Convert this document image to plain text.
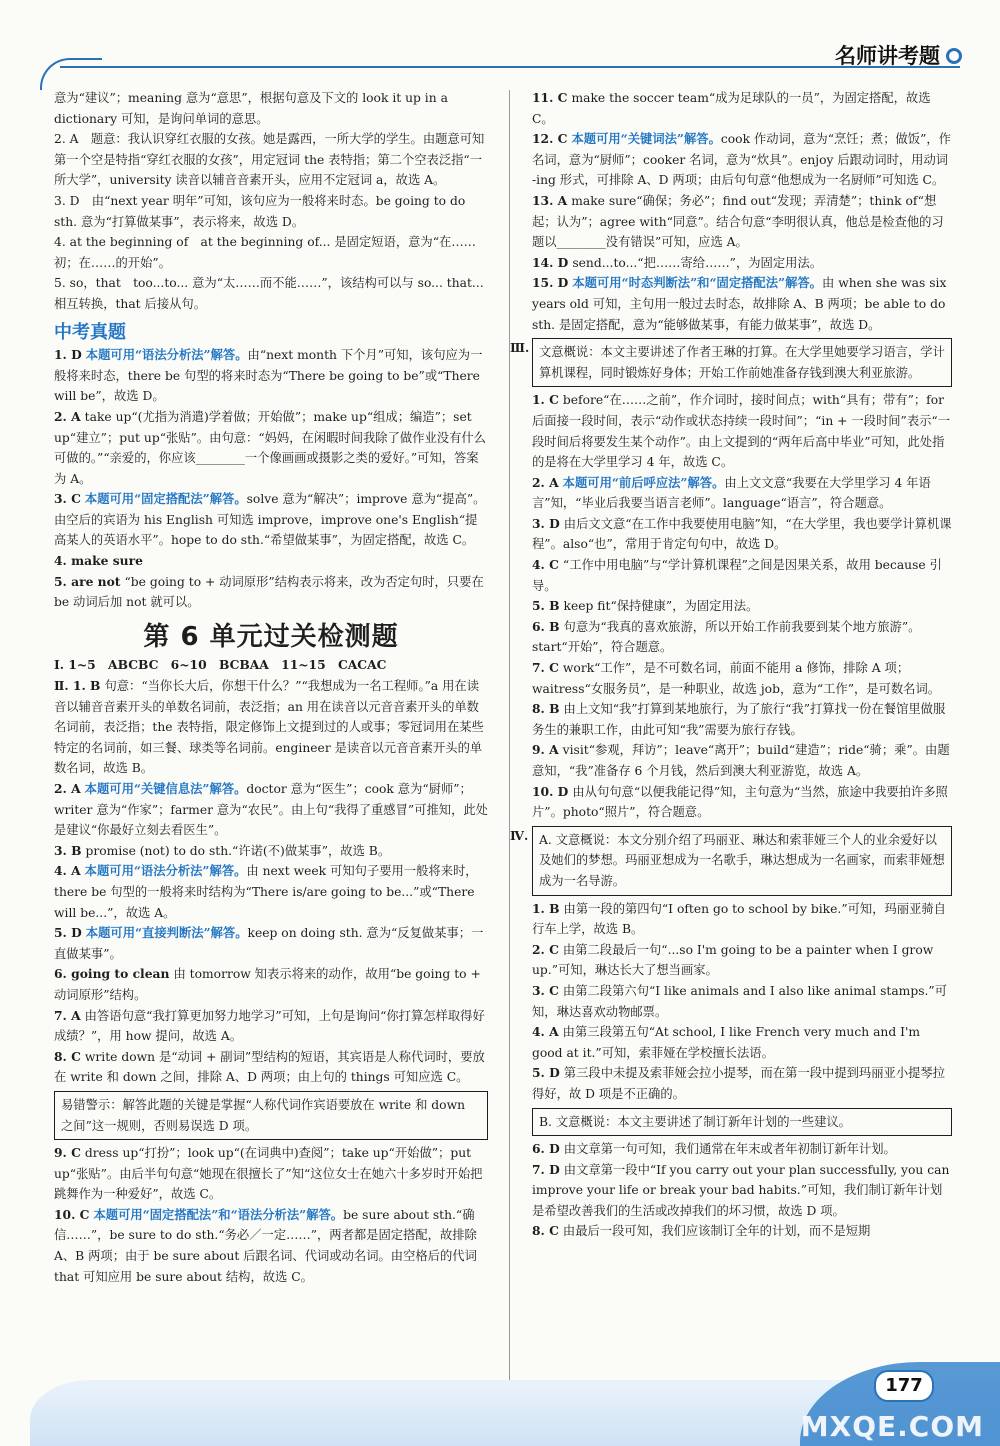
名师讲考题

意为“建议”；meaning 意为“意思”，根据句意及下文的 look it up in a dictionary 可知，是询问单词的意思。

2. A　题意：我认识穿红衣服的女孩。她是露西，一所大学的学生。由题意可知第一个空是特指“穿红衣服的女孩”，用定冠词 the 表特指；第二个空表泛指“一所大学”，university 读音以辅音音素开头，应用不定冠词 a，故选 A。

3. D　由“next year 明年”可知，该句应为一般将来时态。be going to do sth. 意为“打算做某事”，表示将来，故选 D。

4. at the beginning of　at the beginning of... 是固定短语，意为“在……初；在……的开始”。

5. so，that　too...to... 意为“太……而不能……”，该结构可以与 so... that... 相互转换，that 后接从句。

中考真题

1. D 本题可用“语法分析法”解答。由“next month 下个月”可知，该句应为一般将来时态，there be 句型的将来时态为“There be going to be”或“There will be”，故选 D。

2. A take up“(尤指为消遣)学着做；开始做”；make up“组成；编造”；set up“建立”；put up“张贴”。由句意：“妈妈，在闲暇时间我除了做作业没有什么可做的。”“亲爱的，你应该________一个像画画或摄影之类的爱好。”可知，答案为 A。

3. C 本题可用“固定搭配法”解答。solve 意为“解决”；improve 意为“提高”。由空后的宾语为 his English 可知选 improve，improve one's English“提高某人的英语水平”。hope to do sth.“希望做某事”，为固定搭配，故选 C。

4. make sure

5. are not “be going to + 动词原形”结构表示将来，改为否定句时，只要在 be 动词后加 not 就可以。

第 6 单元过关检测题

Ⅰ. 1~5　ABCBC　6~10　BCBAA　11~15　CACAC

Ⅱ. 1. B 句意：“当你长大后，你想干什么？”“我想成为一名工程师。”a 用在读音以辅音音素开头的单数名词前，表泛指；an 用在读音以元音音素开头的单数名词前，表泛指；the 表特指，限定修饰上文提到过的人或事；零冠词用在某些特定的名词前，如三餐、球类等名词前。engineer 是读音以元音音素开头的单数名词，故选 B。

2. A 本题可用“关键信息法”解答。doctor 意为“医生”；cook 意为“厨师”；writer 意为“作家”；farmer 意为“农民”。由上句“我得了重感冒”可推知，此处是建议“你最好立刻去看医生”。

3. B promise (not) to do sth.“许诺(不)做某事”，故选 B。

4. A 本题可用“语法分析法”解答。由 next week 可知句子要用一般将来时，there be 句型的一般将来时结构为“There is/are going to be...”或“There will be...”，故选 A。

5. D 本题可用“直接判断法”解答。keep on doing sth. 意为“反复做某事；一直做某事”。

6. going to clean 由 tomorrow 知表示将来的动作，故用“be going to + 动词原形”结构。

7. A 由答语句意“我打算更加努力地学习”可知，上句是询问“你打算怎样取得好成绩？”，用 how 提问，故选 A。

8. C write down 是“动词 + 副词”型结构的短语，其宾语是人称代词时，要放在 write 和 down 之间，排除 A、D 两项；由上句的 things 可知应选 C。

易错警示：解答此题的关键是掌握“人称代词作宾语要放在 write 和 down 之间”这一规则，否则易误选 D 项。

9. C dress up“打扮”；look up“(在词典中)查阅”；take up“开始做”；put up“张贴”。由后半句句意“她现在很擅长了”知“这位女士在她六十多岁时开始把跳舞作为一种爱好”，故选 C。

10. C 本题可用“固定搭配法”和“语法分析法”解答。be sure about sth.“确信……”，be sure to do sth.“务必／一定……”，两者都是固定搭配，故排除 A、B 两项；由于 be sure about 后跟名词、代词或动名词。由空格后的代词 that 可知应用 be sure about 结构，故选 C。

11. C make the soccer team“成为足球队的一员”，为固定搭配，故选 C。

12. C 本题可用“关键词法”解答。cook 作动词，意为“烹饪；煮；做饭”，作名词，意为“厨师”；cooker 名词，意为“炊具”。enjoy 后跟动词时，用动词 -ing 形式，可排除 A、D 两项；由后句句意“他想成为一名厨师”可知选 C。

13. A make sure“确保；务必”；find out“发现；弄清楚”；think of“想起；认为”；agree with“同意”。结合句意“李明很认真，他总是检查他的习题以________没有错误”可知，应选 A。

14. D send...to...“把……寄给……”，为固定用法。

15. D 本题可用“时态判断法”和“固定搭配法”解答。由 when she was six years old 可知，主句用一般过去时态，故排除 A、B 两项；be able to do sth. 是固定搭配，意为“能够做某事，有能力做某事”，故选 D。

Ⅲ. 文意概说：本文主要讲述了作者王琳的打算。在大学里她要学习语言，学计算机课程，同时锻炼好身体；开始工作前她准备存钱到澳大利亚旅游。

1. C before“在……之前”，作介词时，接时间点；with“具有；带有”；for 后面接一段时间，表示“动作或状态持续一段时间”；“in + 一段时间”表示“一段时间后将要发生某个动作”。由上文提到的“两年后高中毕业”可知，此处指的是将在大学里学习 4 年，故选 C。

2. A 本题可用“前后呼应法”解答。由上文文意“我要在大学里学习 4 年语言”知，“毕业后我要当语言老师”。language“语言”，符合题意。

3. D 由后文文意“在工作中我要使用电脑”知，“在大学里，我也要学计算机课程”。also“也”，常用于肯定句句中，故选 D。

4. C “工作中用电脑”与“学计算机课程”之间是因果关系，故用 because 引导。

5. B keep fit“保持健康”，为固定用法。

6. B 句意为“我真的喜欢旅游，所以开始工作前我要到某个地方旅游”。start“开始”，符合题意。

7. C work“工作”，是不可数名词，前面不能用 a 修饰，排除 A 项；waitress“女服务员”，是一种职业，故选 job，意为“工作”，是可数名词。

8. B 由上文知“我”打算到某地旅行，为了旅行“我”打算找一份在餐馆里做服务生的兼职工作，由此可知“我”需要为旅行存钱。

9. A visit“参观，拜访”；leave“离开”；build“建造”；ride“骑；乘”。由题意知，“我”准备存 6 个月钱，然后到澳大利亚游览，故选 A。

10. D 由从句句意“以便我能记得”知，主句意为“当然，旅途中我要拍许多照片”。photo“照片”，符合题意。

Ⅳ. A. 文意概说：本文分别介绍了玛丽亚、琳达和索菲娅三个人的业余爱好以及她们的梦想。玛丽亚想成为一名歌手，琳达想成为一名画家，而索菲娅想成为一名导游。

1. B 由第一段的第四句“I often go to school by bike.”可知，玛丽亚骑自行车上学，故选 B。

2. C 由第二段最后一句“...so I'm going to be a painter when I grow up.”可知，琳达长大了想当画家。

3. C 由第二段第六句“I like animals and I also like animal stamps.”可知，琳达喜欢动物邮票。

4. A 由第三段第五句“At school, I like French very much and I'm good at it.”可知，索菲娅在学校擅长法语。

5. D 第三段中未提及索菲娅会拉小提琴，而在第一段中提到玛丽亚小提琴拉得好，故 D 项是不正确的。

B. 文意概说：本文主要讲述了制订新年计划的一些建议。

6. D 由文章第一句可知，我们通常在年末或者年初制订新年计划。

7. D 由文章第一段中“If you carry out your plan successfully, you can improve your life or break your bad habits.”可知，我们制订新年计划是希望改善我们的生活或改掉我们的坏习惯，故选 D 项。

8. C 由最后一段可知，我们应该制订全年的计划，而不是短期

177
MXQE.COM
